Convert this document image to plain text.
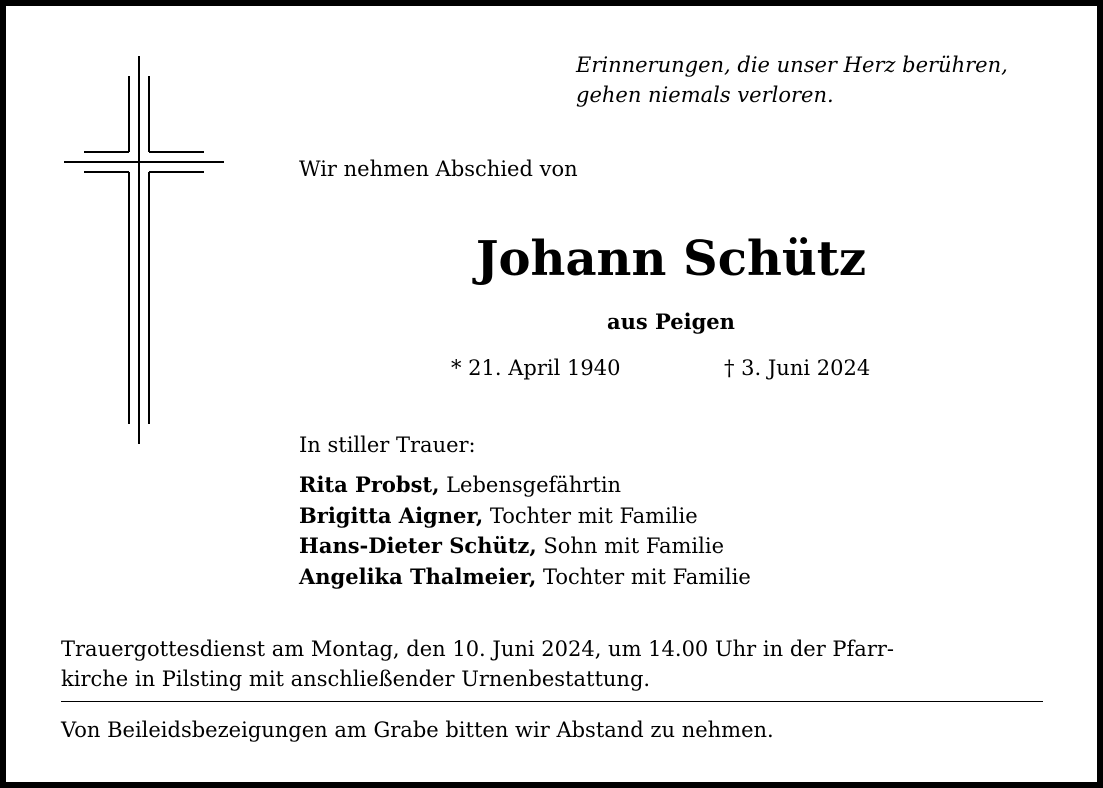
Erinnerungen, die unser Herz berühren,
gehen niemals verloren.
Wir nehmen Abschied von
Johann Schütz
aus Peigen
* 21. April 1940	† 3. Juni 2024
In stiller Trauer:
Rita Probst, Lebensgefährtin
Brigitta Aigner, Tochter mit Familie
Hans-Dieter Schütz, Sohn mit Familie
Angelika Thalmeier, Tochter mit Familie
Trauergottesdienst am Montag, den 10. Juni 2024, um 14.00 Uhr in der Pfarr-
kirche in Pilsting mit anschließender Urnenbestattung.
Von Beileidsbezeigungen am Grabe bitten wir Abstand zu nehmen.
